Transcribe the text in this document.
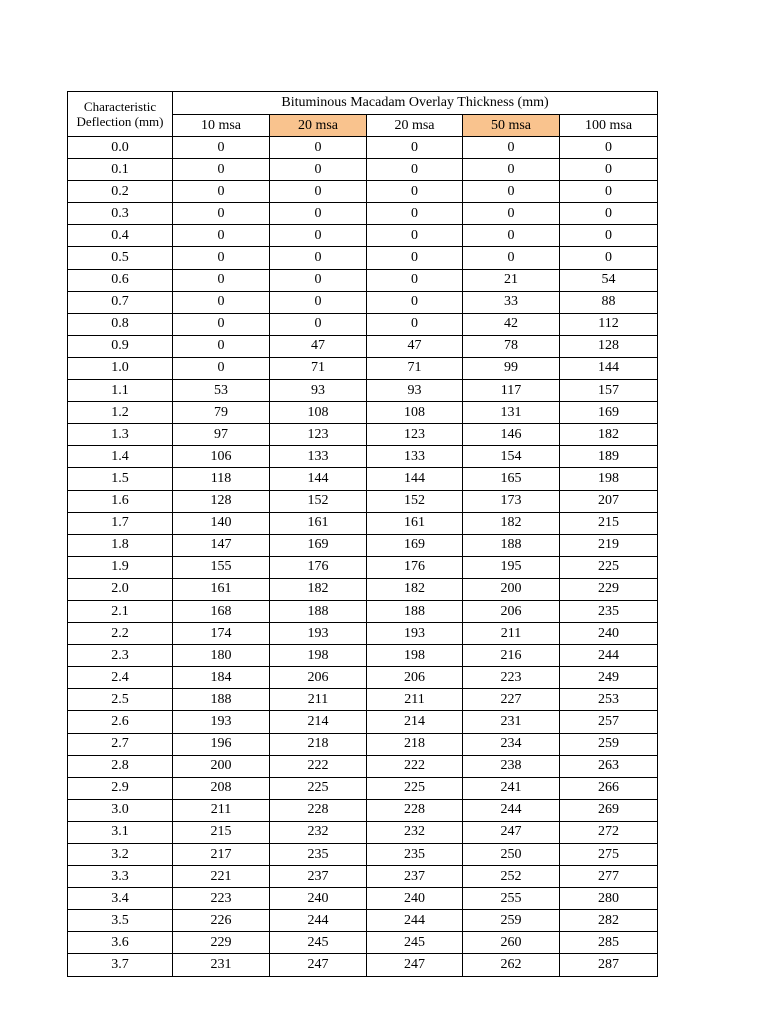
Characteristic Deflection (mm)	Bituminous Macadam Overlay Thickness (mm)				
	10 msa	20 msa	20 msa	50 msa	100 msa
0.0	0	0	0	0	0
0.1	0	0	0	0	0
0.2	0	0	0	0	0
0.3	0	0	0	0	0
0.4	0	0	0	0	0
0.5	0	0	0	0	0
0.6	0	0	0	21	54
0.7	0	0	0	33	88
0.8	0	0	0	42	112
0.9	0	47	47	78	128
1.0	0	71	71	99	144
1.1	53	93	93	117	157
1.2	79	108	108	131	169
1.3	97	123	123	146	182
1.4	106	133	133	154	189
1.5	118	144	144	165	198
1.6	128	152	152	173	207
1.7	140	161	161	182	215
1.8	147	169	169	188	219
1.9	155	176	176	195	225
2.0	161	182	182	200	229
2.1	168	188	188	206	235
2.2	174	193	193	211	240
2.3	180	198	198	216	244
2.4	184	206	206	223	249
2.5	188	211	211	227	253
2.6	193	214	214	231	257
2.7	196	218	218	234	259
2.8	200	222	222	238	263
2.9	208	225	225	241	266
3.0	211	228	228	244	269
3.1	215	232	232	247	272
3.2	217	235	235	250	275
3.3	221	237	237	252	277
3.4	223	240	240	255	280
3.5	226	244	244	259	282
3.6	229	245	245	260	285
3.7	231	247	247	262	287
